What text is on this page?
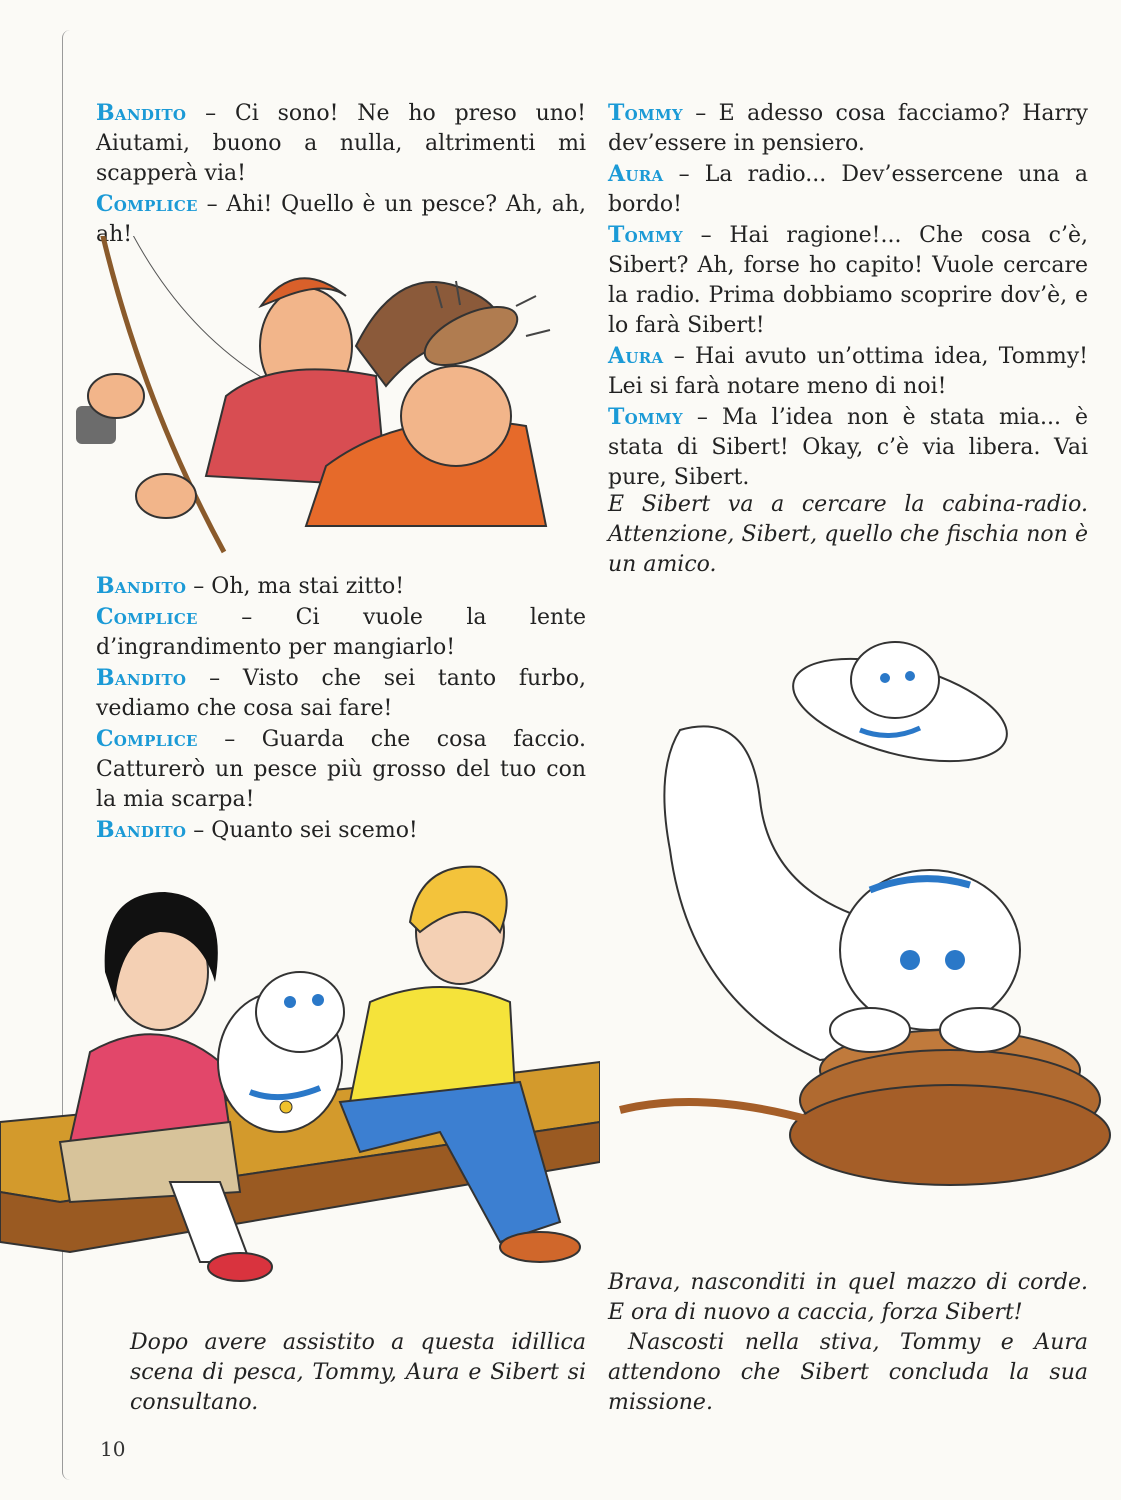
Bandito – Ci sono! Ne ho preso uno! Aiutami, buono a nulla, altrimenti mi scapperà via!

Complice – Ahi! Quello è un pesce? Ah, ah, ah!

Bandito – Oh, ma stai zitto!

Complice – Ci vuole la lente d’ingrandimento per mangiarlo!

Bandito – Visto che sei tanto furbo, vediamo che cosa sai fare!

Complice – Guarda che cosa faccio. Catturerò un pesce più grosso del tuo con la mia scarpa!

Bandito – Quanto sei scemo!

Dopo avere assistito a questa idillica scena di pesca, Tommy, Aura e Sibert si consultano.

Tommy – E adesso cosa facciamo? Harry dev’essere in pensiero.

Aura – La radio... Dev’essercene una a bordo!

Tommy – Hai ragione!... Che cosa c’è, Sibert? Ah, forse ho capito! Vuole cercare la radio. Prima dobbiamo scoprire dov’è, e lo farà Sibert!

Aura – Hai avuto un’ottima idea, Tommy! Lei si farà notare meno di noi!

Tommy – Ma l’idea non è stata mia... è stata di Sibert! Okay, c’è via libera. Vai pure, Sibert.

E Sibert va a cercare la cabina-radio. Attenzione, Sibert, quello che fischia non è un amico.

Brava, nasconditi in quel mazzo di corde. E ora di nuovo a caccia, forza Sibert!

Nascosti nella stiva, Tommy e Aura attendono che Sibert concluda la sua missione.

10
